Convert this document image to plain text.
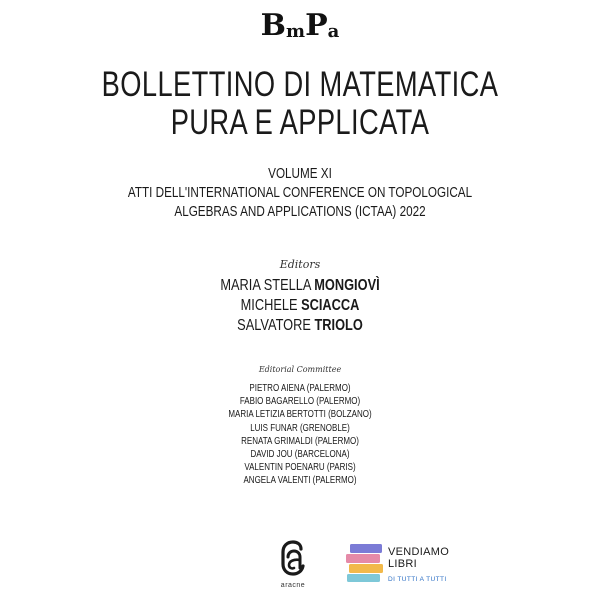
BmPa
BOLLETTINO DI MATEMATICA
PURA E APPLICATA
VOLUME XI
ATTI DELL'INTERNATIONAL CONFERENCE ON TOPOLOGICAL
ALGEBRAS AND APPLICATIONS (ICTAA) 2022
Editors
MARIA STELLA MONGIOVÌ
MICHELE SCIACCA
SALVATORE TRIOLO
Editorial Committee
PIETRO AIENA (PALERMO)
FABIO BAGARELLO (PALERMO)
MARIA LETIZIA BERTOTTI (BOLZANO)
LUIS FUNAR (GRENOBLE)
RENATA GRIMALDI (PALERMO)
DAVID JOU (BARCELONA)
VALENTIN POENARU (PARIS)
ANGELA VALENTI (PALERMO)
aracne
VENDIAMO
LIBRI
DI TUTTI A TUTTI
